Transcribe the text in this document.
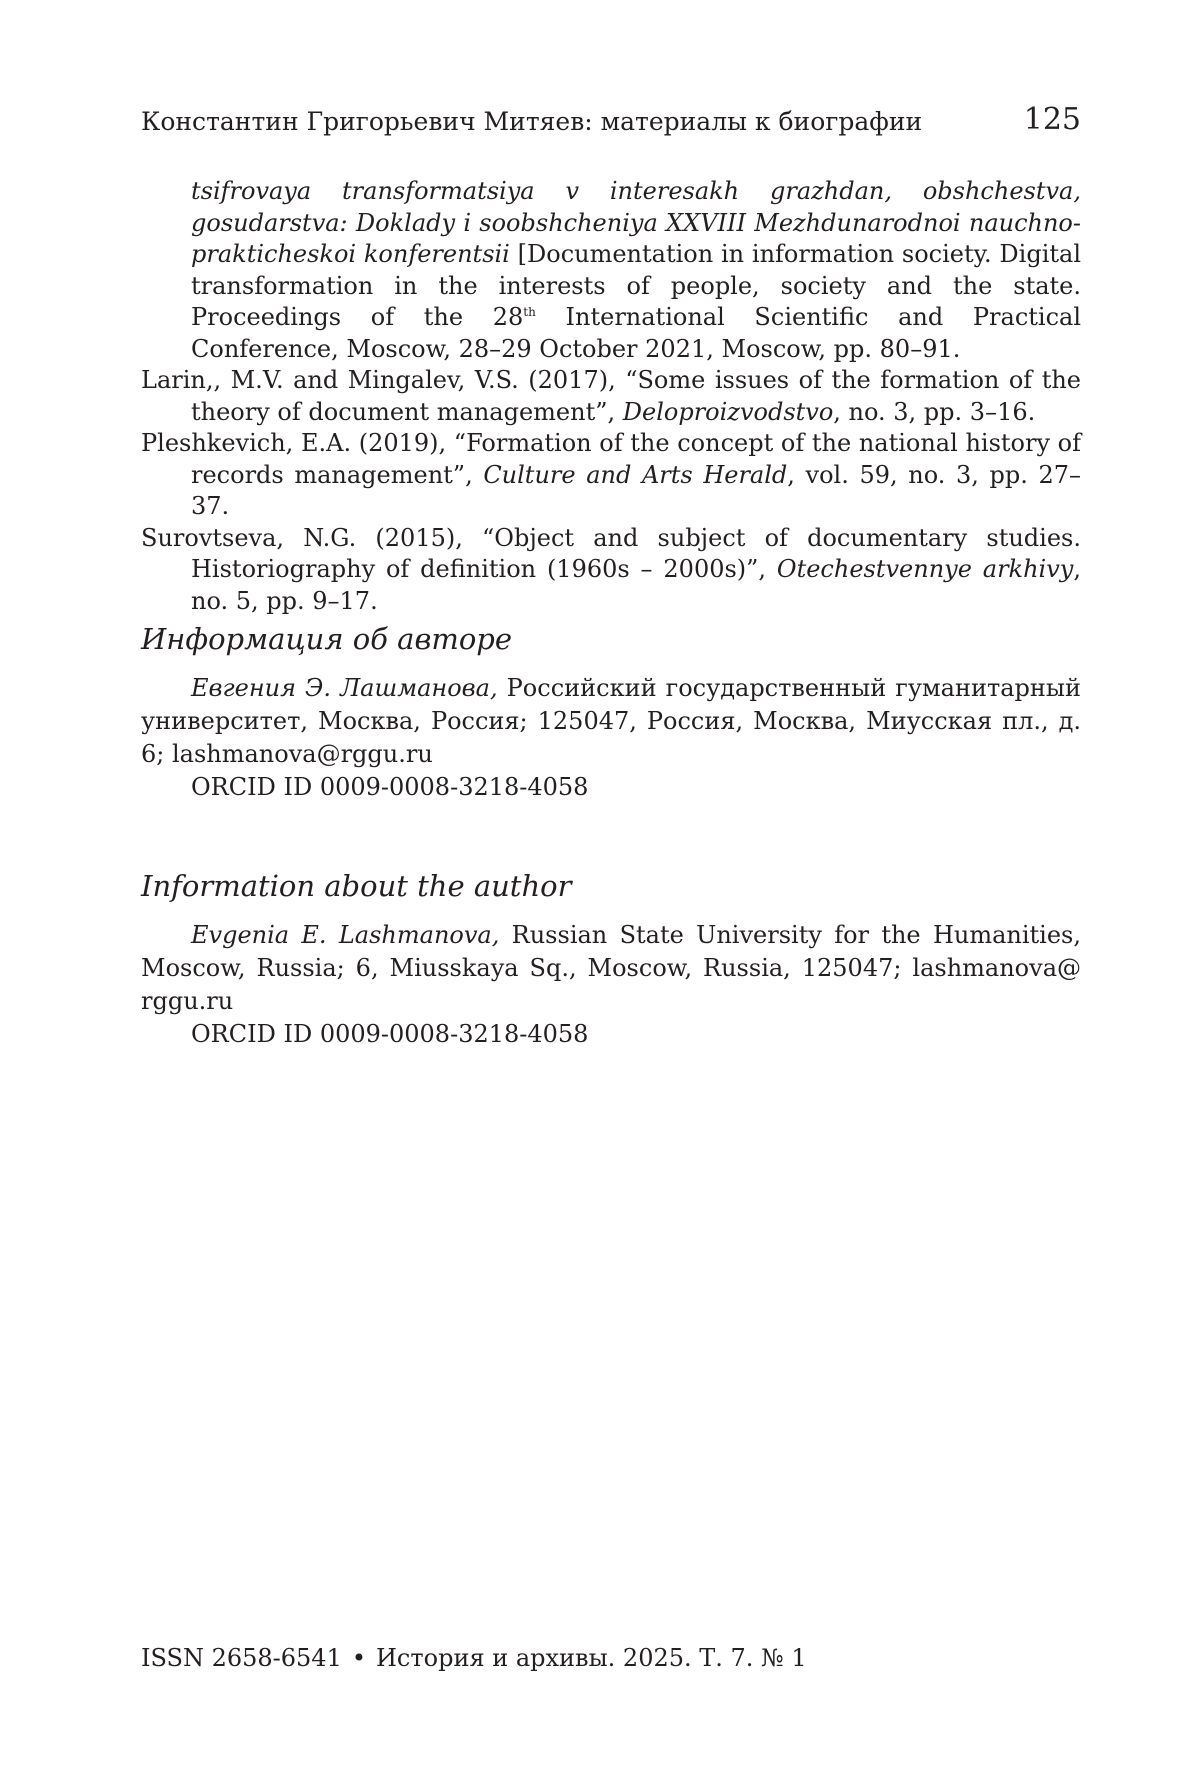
Константин Григорьевич Митяев: материалы к биографии	125

tsifrovaya transformatsiya v interesakh grazhdan, obshchestva, gosudarstva: Doklady i soobshcheniya XXVIII Mezhdunarodnoi nauchno-prakticheskoi konferentsii [Documentation in information society. Digital transformation in the interests of people, society and the state. Proceedings of the 28th International Scientific and Practical Conference, Moscow, 28–29 October 2021, Moscow, pp. 80–91.

Larin,, M.V. and Mingalev, V.S. (2017), “Some issues of the formation of the theory of document management”, Deloproizvodstvo, no. 3, pp. 3–16.

Pleshkevich, E.A. (2019), “Formation of the concept of the national history of records management”, Culture and Arts Herald, vol. 59, no. 3, pp. 27–37.

Surovtseva, N.G. (2015), “Object and subject of documentary studies. Historiography of definition (1960s – 2000s)”, Otechestvennye arkhivy, no. 5, pp. 9–17.

Информация об авторе

Евгения Э. Лашманова, Российский государственный гуманитарный университет, Москва, Россия; 125047, Россия, Москва, Миусская пл., д. 6; lashmanova@rggu.ru

ORCID ID 0009-0008-3218-4058

Information about the author

Evgenia E. Lashmanova, Russian State University for the Humanities, Moscow, Russia; 6, Miusskaya Sq., Moscow, Russia, 125047; lashmanova@ rggu.ru

ORCID ID 0009-0008-3218-4058

ISSN 2658-6541 • История и архивы. 2025. Т. 7. № 1
